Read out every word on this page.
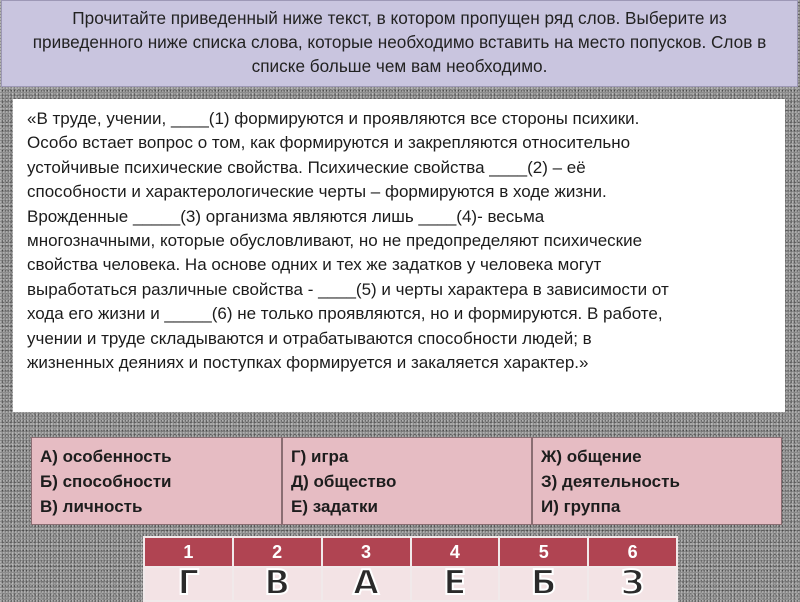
Прочитайте приведенный ниже текст, в котором пропущен ряд слов. Выберите из приведенного ниже списка слова, которые необходимо вставить на место попусков. Слов в списке больше чем вам необходимо.
«В труде, учении, ____(1) формируются и проявляются все стороны психики.
Особо встает вопрос о том, как формируются и закрепляются относительно
устойчивые психические свойства. Психические свойства ____(2) – её
способности и характерологические черты – формируются в ходе жизни.
Врожденные _____(3) организма являются лишь ____(4)- весьма
многозначными, которые обусловливают, но не предопределяют психические
свойства человека. На основе одних и тех же задатков у человека могут
выработаться различные свойства - ____(5) и черты характера в зависимости от
хода его жизни и _____(6) не только проявляются, но и формируются. В работе,
учении и труде складываются и отрабатываются способности людей; в
жизненных деяниях и поступках формируется и закаляется характер.»
А) особенность
Б) способности
В) личность
Г) игра
Д) общество
Е) задатки
Ж) общение
З) деятельность
И) группа
1	2	3	4	5	6
Г	В	А	Е	Б	З
